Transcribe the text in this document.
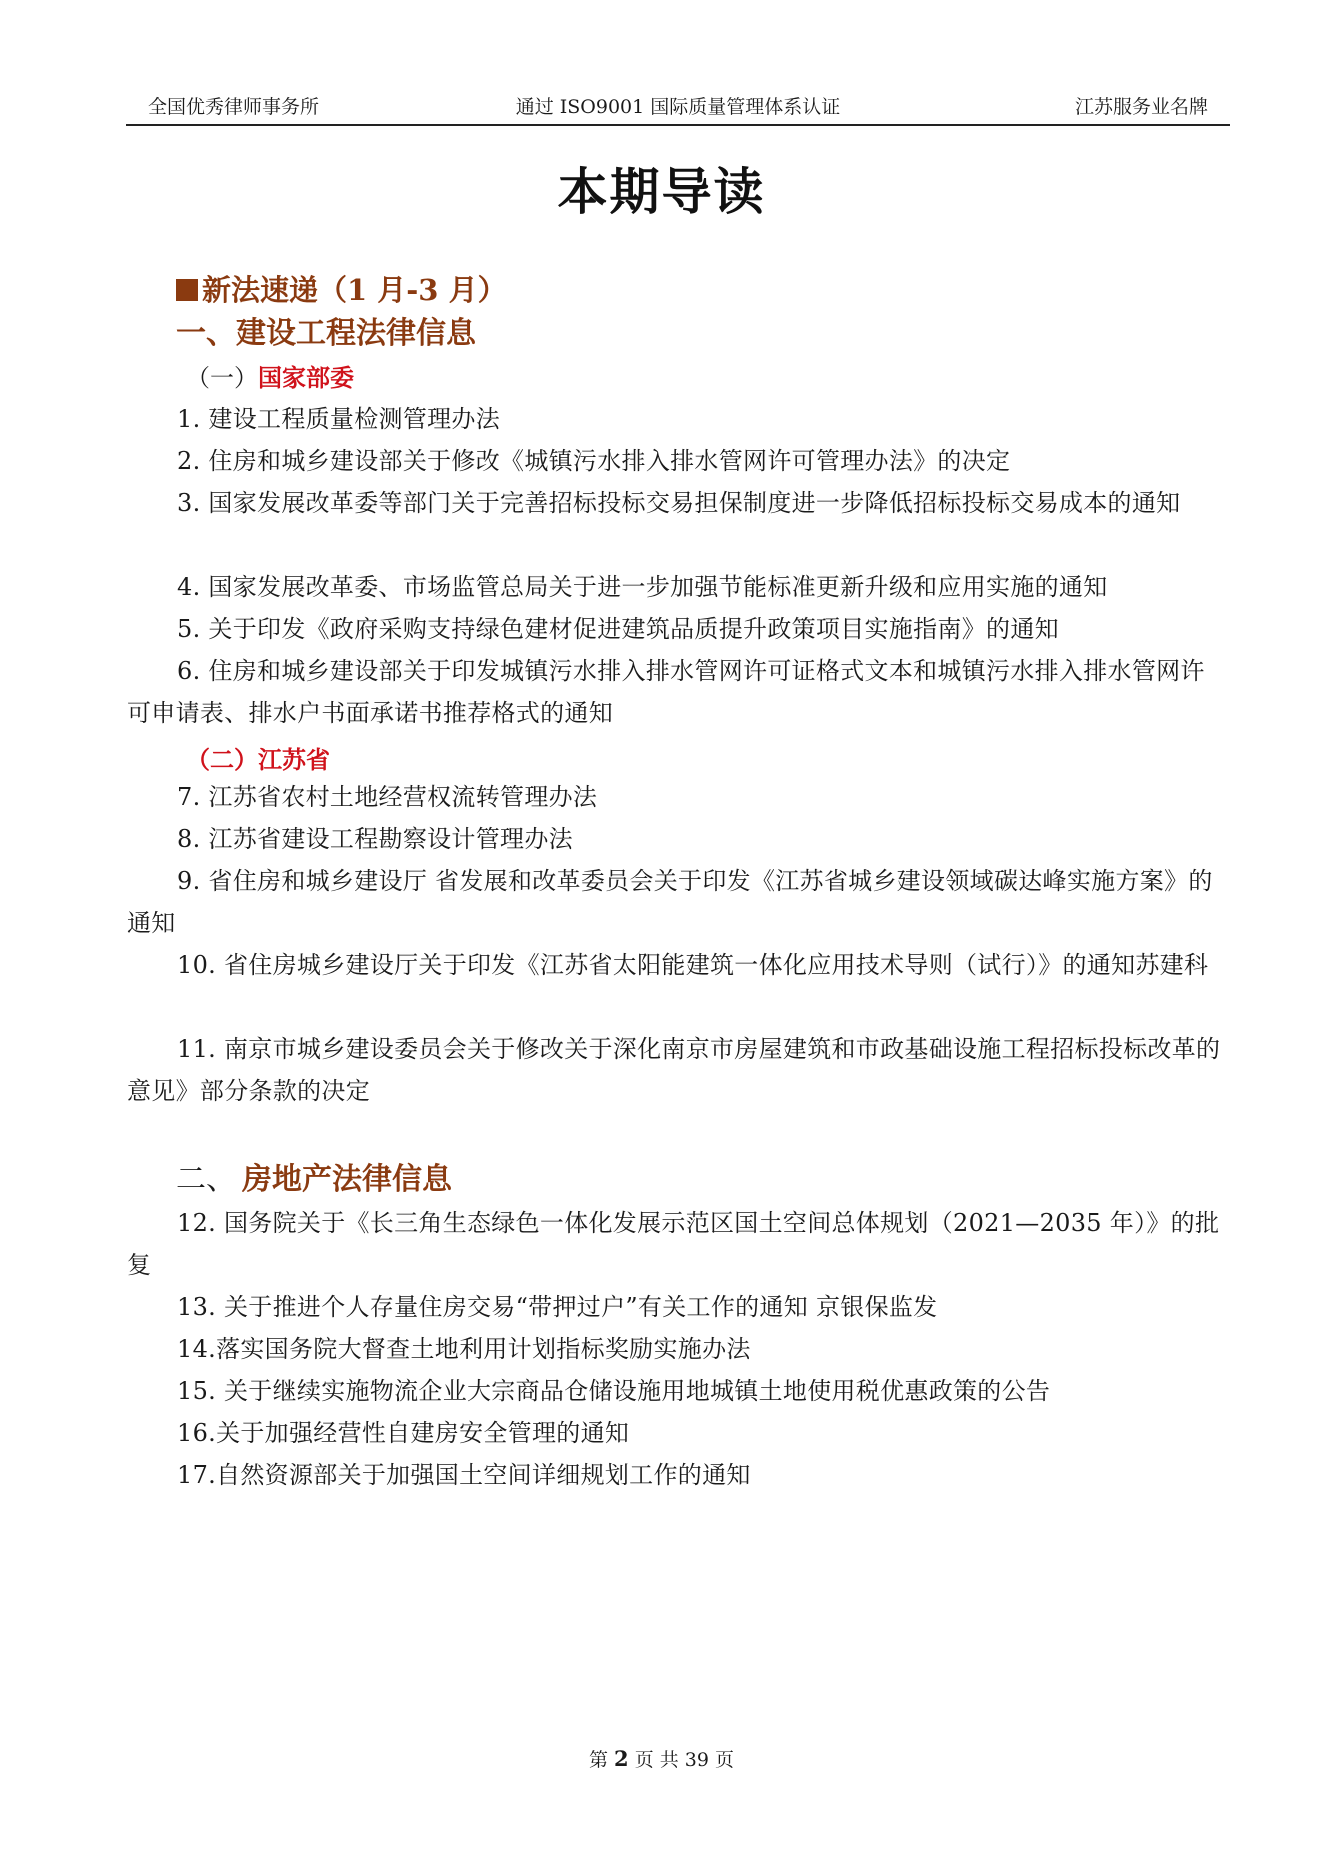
全国优秀律师事务所	通过 ISO9001 国际质量管理体系认证	江苏服务业名牌
本期导读
新法速递（1 月-3 月）
一、建设工程法律信息
（一）国家部委

1. 建设工程质量检测管理办法

2. 住房和城乡建设部关于修改《城镇污水排入排水管网许可管理办法》的决定

3. 国家发展改革委等部门关于完善招标投标交易担保制度进一步降低招标投标交易成本的通知

4. 国家发展改革委、市场监管总局关于进一步加强节能标准更新升级和应用实施的通知

5. 关于印发《政府采购支持绿色建材促进建筑品质提升政策项目实施指南》的通知

6. 住房和城乡建设部关于印发城镇污水排入排水管网许可证格式文本和城镇污水排入排水管网许可申请表、排水户书面承诺书推荐格式的通知

（二）江苏省

7. 江苏省农村土地经营权流转管理办法

8. 江苏省建设工程勘察设计管理办法

9. 省住房和城乡建设厅 省发展和改革委员会关于印发《江苏省城乡建设领域碳达峰实施方案》的通知

10. 省住房城乡建设厅关于印发《江苏省太阳能建筑一体化应用技术导则（试行）》的通知苏建科

11. 南京市城乡建设委员会关于修改关于深化南京市房屋建筑和市政基础设施工程招标投标改革的意见》部分条款的决定

二、 房地产法律信息

12. 国务院关于《长三角生态绿色一体化发展示范区国土空间总体规划（2021—2035 年）》的批复

13. 关于推进个人存量住房交易“带押过户”有关工作的通知 京银保监发

14.落实国务院大督查土地利用计划指标奖励实施办法

15. 关于继续实施物流企业大宗商品仓储设施用地城镇土地使用税优惠政策的公告

16.关于加强经营性自建房安全管理的通知

17.自然资源部关于加强国土空间详细规划工作的通知

第 2 页 共 39 页
